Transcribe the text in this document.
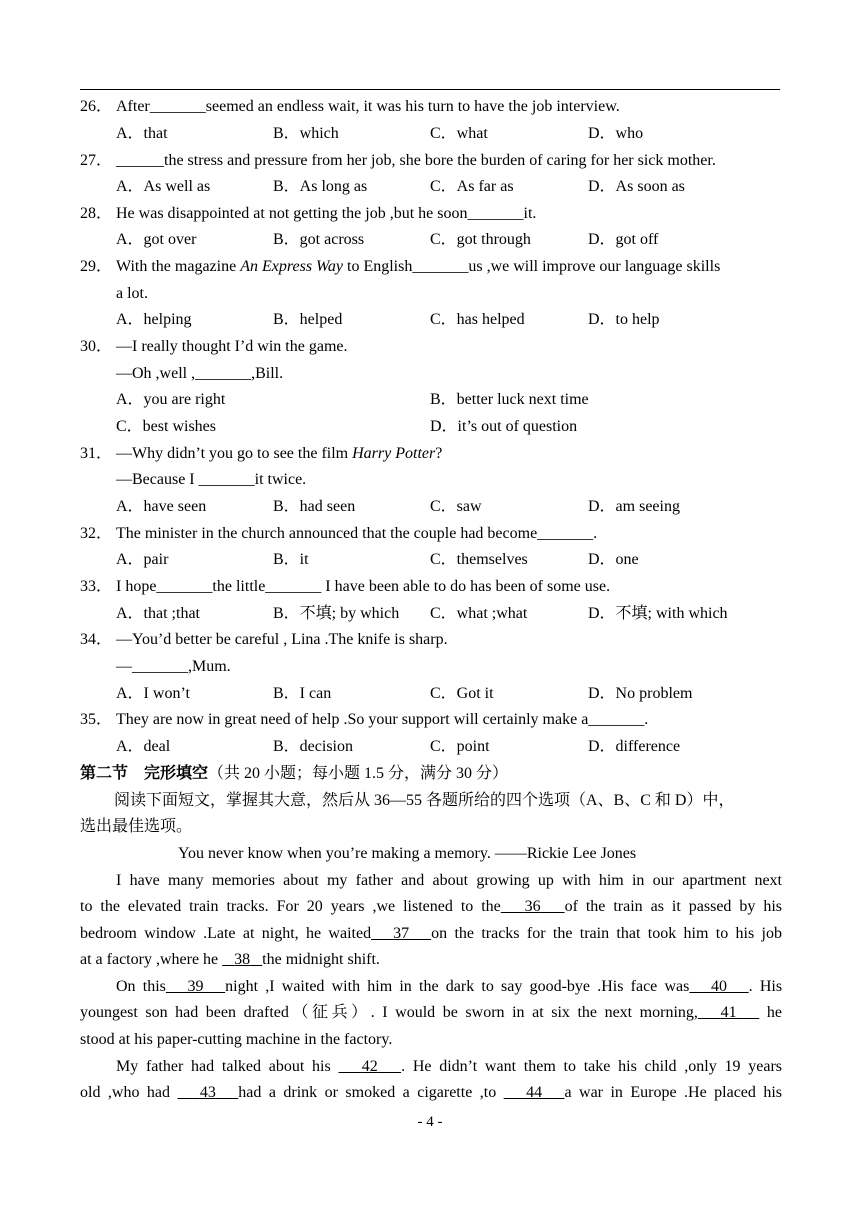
26． After_______seemed an endless wait, it was his turn to have the job interview.
A．that	B．which	C．what	D．who
27． ______the stress and pressure from her job, she bore the burden of caring for her sick mother.
A．As well as	B．As long as	C．As far as	D．As soon as
28． He was disappointed at not getting the job ,but he soon_______it.
A．got over	B．got across	C．got through	D．got off
29． With the magazine An Express Way to English_______us ,we will improve our language skills
a lot.
A．helping	B．helped	C．has helped	D．to help
30． —I really thought I’d win the game.
—Oh ,well ,_______,Bill.
A．you are right	B．better luck next time
C．best wishes	D．it’s out of question
31． —Why didn’t you go to see the film Harry Potter?
—Because I _______it twice.
A．have seen	B．had seen	C．saw	D．am seeing
32． The minister in the church announced that the couple had become_______.
A．pair	B．it	C．themselves	D．one
33． I hope_______the little_______ I have been able to do has been of some use.
A．that ;that	B．不填; by which C．what ;what	D．不填; with which
34． —You’d better be careful , Lina .The knife is sharp.
—_______,Mum.
A．I won’t	B．I can	C．Got it	D．No problem
35． They are now in great need of help .So your support will certainly make a_______.
A．deal	B．decision	C．point	D．difference
第二节　完形填空（共 20 小题；每小题 1.5 分，满分 30 分）
阅读下面短文，掌握其大意，然后从 36—55 各题所给的四个选项（A、B、C 和 D）中，
选出最佳选项。
You never know when you’re making a memory. ——Rickie Lee Jones
I have many memories about my father and about growing up with him in our apartment next
to the elevated train tracks. For 20 years ,we listened to the 36 of the train as it passed by his
bedroom window .Late at night, he waited 37 on the tracks for the train that took him to his job
at a factory ,where he    38 the midnight shift.
On this 39 night ,I waited with him in the dark to say good-bye .His face was 40 . His
youngest son had been drafted（征兵）. I would be sworn in at six the next morning, 41    he
stood at his paper-cutting machine in the factory.
My father had talked about his    42 . He didn’t want them to take his child ,only 19 years
old ,who had    43 had a drink or smoked a cigarette ,to    44 a war in Europe .He placed his
- 4 -
